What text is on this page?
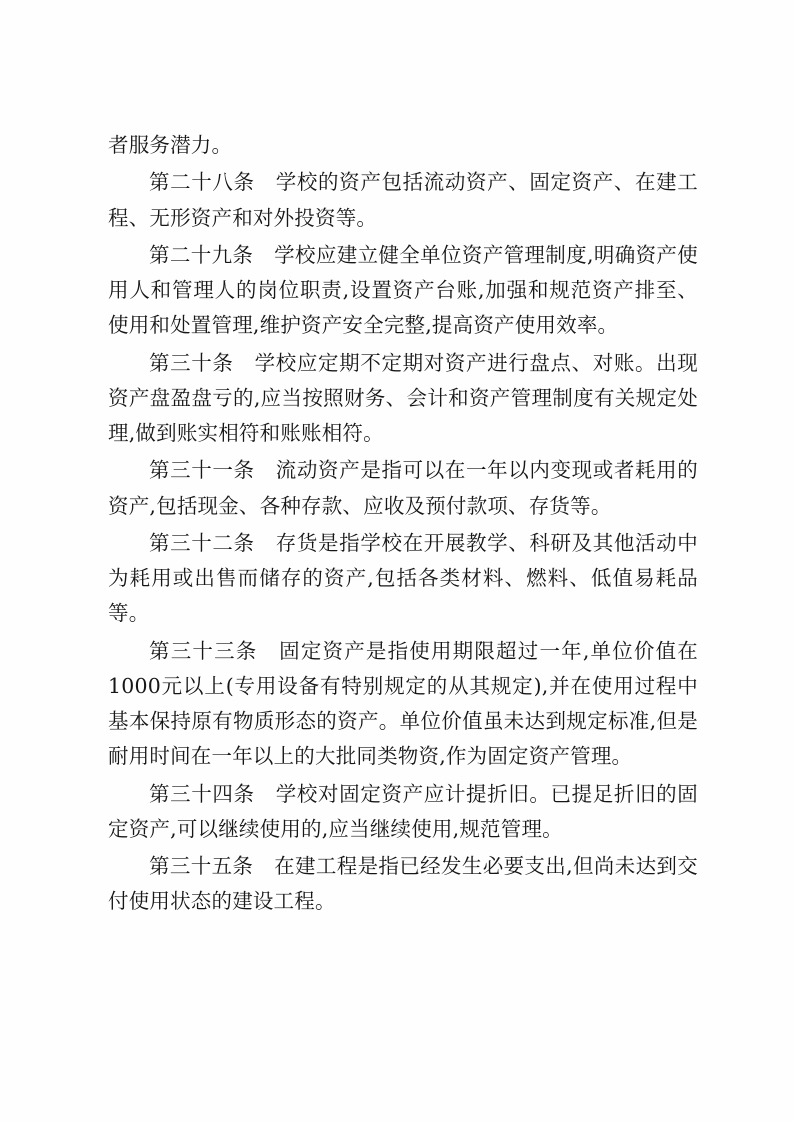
者服务潜力。

第二十八条　学校的资产包括流动资产、固定资产、在建工程、无形资产和对外投资等。

第二十九条　学校应建立健全单位资产管理制度,明确资产使用人和管理人的岗位职责,设置资产台账,加强和规范资产排至、使用和处置管理,维护资产安全完整,提高资产使用效率。

第三十条　学校应定期不定期对资产进行盘点、对账。出现资产盘盈盘亏的,应当按照财务、会计和资产管理制度有关规定处理,做到账实相符和账账相符。

第三十一条　流动资产是指可以在一年以内变现或者耗用的资产,包括现金、各种存款、应收及预付款项、存货等。

第三十二条　存货是指学校在开展教学、科研及其他活动中为耗用或出售而储存的资产,包括各类材料、燃料、低值易耗品等。

第三十三条　固定资产是指使用期限超过一年,单位价值在1000元以上(专用设备有特别规定的从其规定),并在使用过程中基本保持原有物质形态的资产。单位价值虽未达到规定标准,但是耐用时间在一年以上的大批同类物资,作为固定资产管理。

第三十四条　学校对固定资产应计提折旧。已提足折旧的固定资产,可以继续使用的,应当继续使用,规范管理。

第三十五条　在建工程是指已经发生必要支出,但尚未达到交付使用状态的建设工程。
